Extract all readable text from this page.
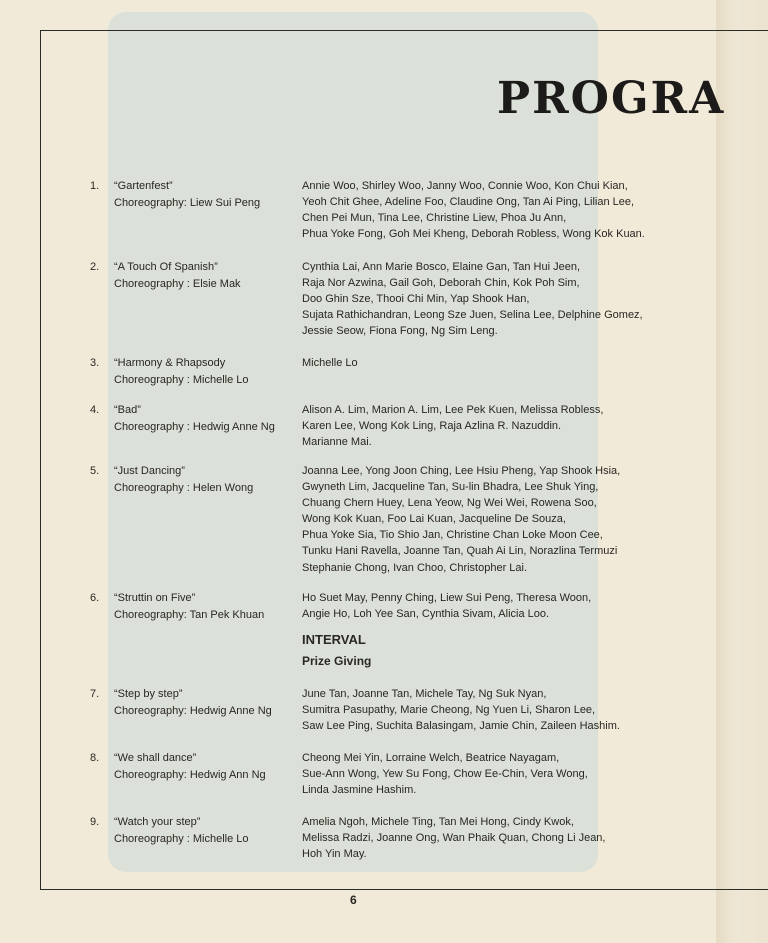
PROGRA
1. “Gartenfest”
Choreography: Liew Sui Peng
Annie Woo, Shirley Woo, Janny Woo, Connie Woo, Kon Chui Kian,
Yeoh Chit Ghee, Adeline Foo, Claudine Ong, Tan Ai Ping, Lilian Lee,
Chen Pei Mun, Tina Lee, Christine Liew, Phoa Ju Ann,
Phua Yoke Fong, Goh Mei Kheng, Deborah Robless, Wong Kok Kuan.
2. “A Touch Of Spanish”
Choreography : Elsie Mak
Cynthia Lai, Ann Marie Bosco, Elaine Gan, Tan Hui Jeen,
Raja Nor Azwina, Gail Goh, Deborah Chin, Kok Poh Sim,
Doo Ghin Sze, Thooi Chi Min, Yap Shook Han,
Sujata Rathichandran, Leong Sze Juen, Selina Lee, Delphine Gomez,
Jessie Seow, Fiona Fong, Ng Sim Leng.
3. “Harmony & Rhapsody
Choreography : Michelle Lo
Michelle Lo
4. “Bad”
Choreography : Hedwig Anne Ng
Alison A. Lim, Marion A. Lim, Lee Pek Kuen, Melissa Robless,
Karen Lee, Wong Kok Ling, Raja Azlina R. Nazuddin.
Marianne Mai.
5. “Just Dancing”
Choreography : Helen Wong
Joanna Lee, Yong Joon Ching, Lee Hsiu Pheng, Yap Shook Hsia,
Gwyneth Lim, Jacqueline Tan, Su-lin Bhadra, Lee Shuk Ying,
Chuang Chern Huey, Lena Yeow, Ng Wei Wei, Rowena Soo,
Wong Kok Kuan, Foo Lai Kuan, Jacqueline De Souza,
Phua Yoke Sia, Tio Shio Jan, Christine Chan Loke Moon Cee,
Tunku Hani Ravella, Joanne Tan, Quah Ai Lin, Norazlina Termuzi
Stephanie Chong, Ivan Choo, Christopher Lai.
6. “Struttin on Five”
Choreography: Tan Pek Khuan
Ho Suet May, Penny Ching, Liew Sui Peng, Theresa Woon,
Angie Ho, Loh Yee San, Cynthia Sivam, Alicia Loo.
INTERVAL
Prize Giving
7. “Step by step”
Choreography: Hedwig Anne Ng
June Tan, Joanne Tan, Michele Tay, Ng Suk Nyan,
Sumitra Pasupathy, Marie Cheong, Ng Yuen Li, Sharon Lee,
Saw Lee Ping, Suchita Balasingam, Jamie Chin, Zaileen Hashim.
8. “We shall dance”
Choreography: Hedwig Ann Ng
Cheong Mei Yin, Lorraine Welch, Beatrice Nayagam,
Sue-Ann Wong, Yew Su Fong, Chow Ee-Chin, Vera Wong,
Linda Jasmine Hashim.
9. “Watch your step”
Choreography : Michelle Lo
Amelia Ngoh, Michele Ting, Tan Mei Hong, Cindy Kwok,
Melissa Radzi, Joanne Ong, Wan Phaik Quan, Chong Li Jean,
Hoh Yin May.
6
